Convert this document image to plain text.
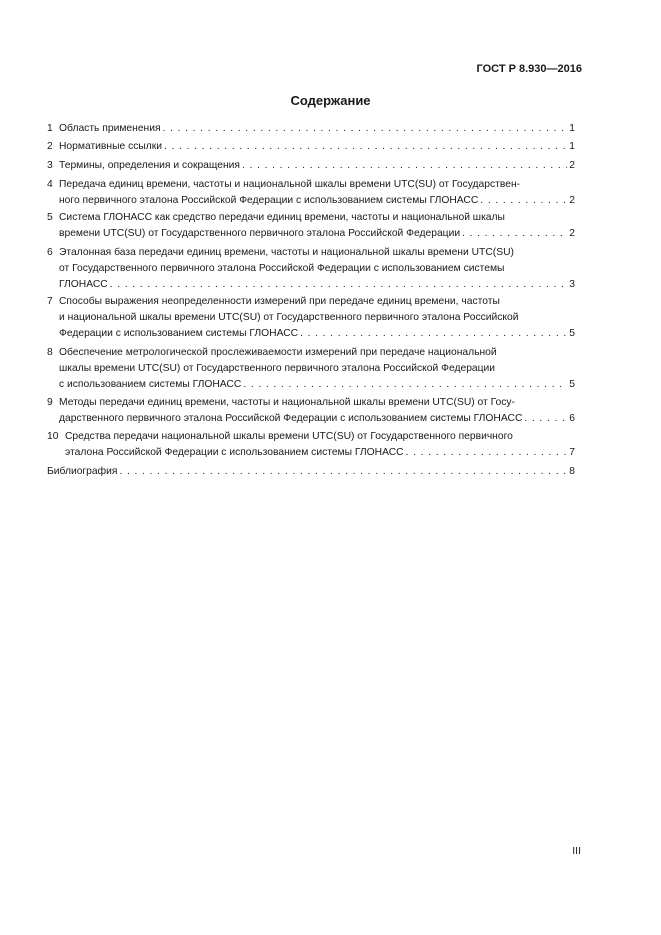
ГОСТ Р 8.930—2016
Содержание
1 Область применения . . .	1
2 Нормативные ссылки . . .	1
3 Термины, определения и сокращения . . .	2
4 Передача единиц времени, частоты и национальной шкалы времени UTC(SU) от Государствен-
ного первичного эталона Российской Федерации с использованием системы ГЛОНАСС . . .	2
5 Система ГЛОНАСС как средство передачи единиц времени, частоты и национальной шкалы
времени UTC(SU) от Государственного первичного эталона Российской Федерации . . .	2
6 Эталонная база передачи единиц времени, частоты и национальной шкалы времени UTC(SU)
от Государственного первичного эталона Российской Федерации с использованием системы
ГЛОНАСС . . .	3
7 Способы выражения неопределенности измерений при передаче единиц времени, частоты
и национальной шкалы времени UTC(SU) от Государственного первичного эталона Российской
Федерации с использованием системы ГЛОНАСС . . .	5
8 Обеспечение метрологической прослеживаемости измерений при передаче национальной
шкалы времени UTC(SU) от Государственного первичного эталона Российской Федерации
с использованием системы ГЛОНАСС . . .	5
9 Методы передачи единиц времени, частоты и национальной шкалы времени UTC(SU) от Госу-
дарственного первичного эталона Российской Федерации с использованием системы ГЛОНАСС . . .	6
10 Средства передачи национальной шкалы времени UTC(SU) от Государственного первичного
эталона Российской Федерации с использованием системы ГЛОНАСС . . .	7
Библиография . . .	8
III
